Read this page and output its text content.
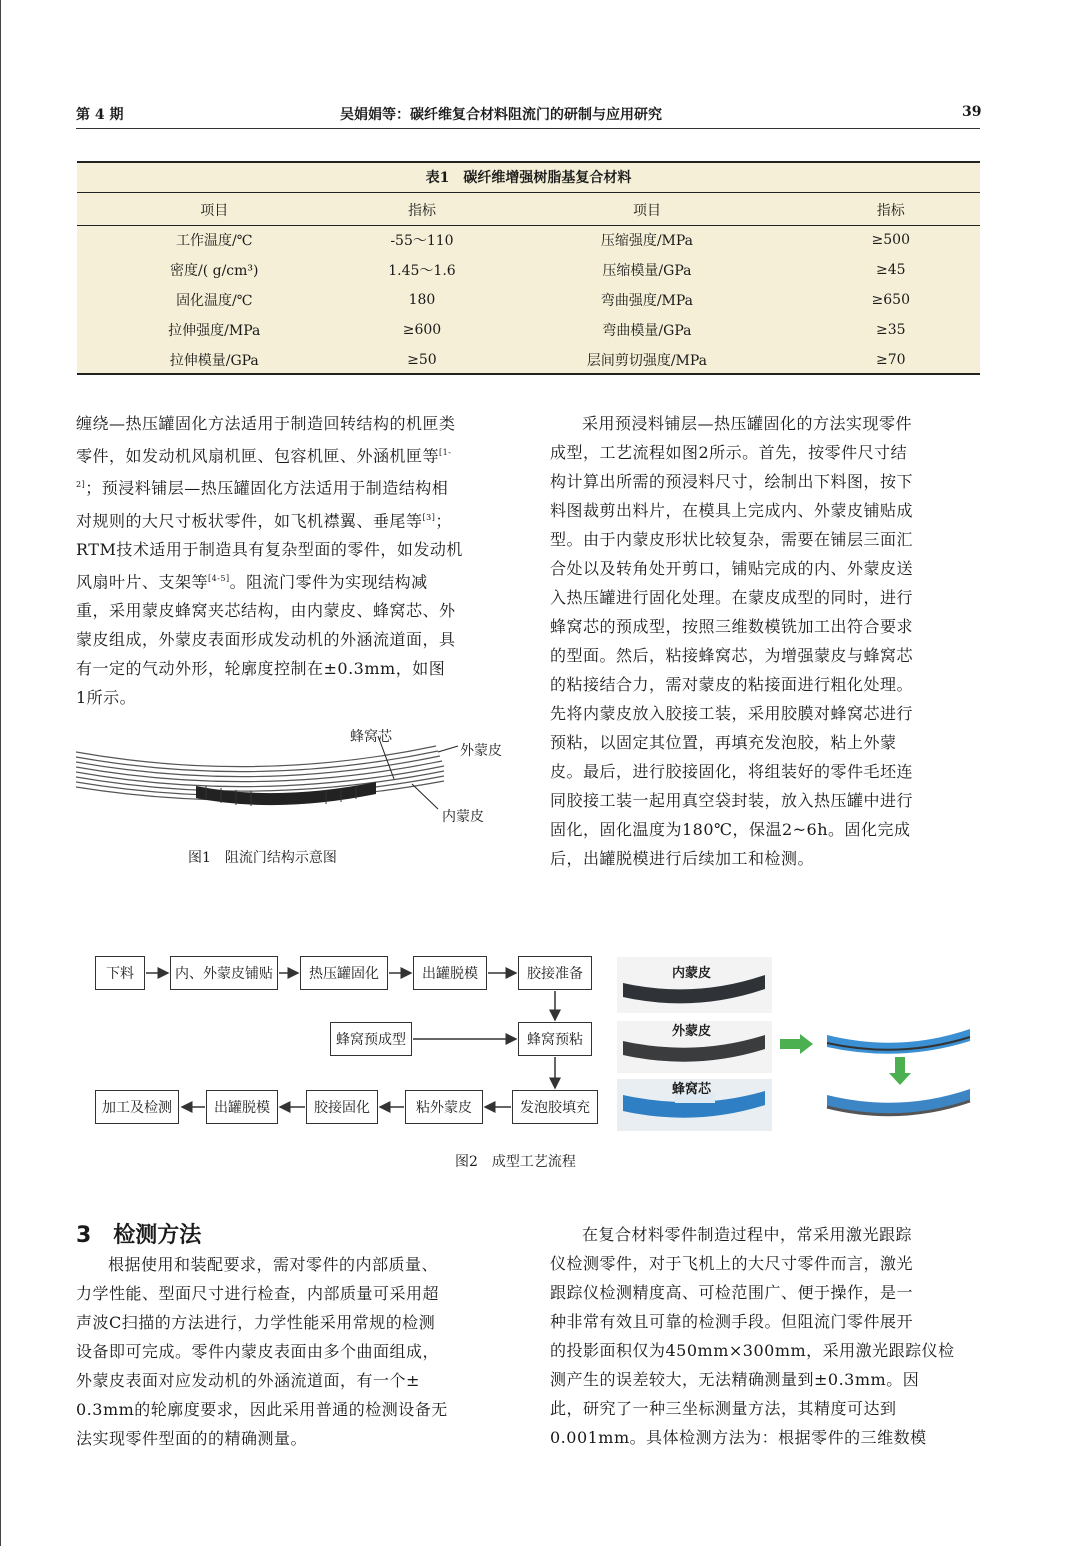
第 4 期	吴娟娟等：碳纤维复合材料阻流门的研制与应用研究	39
表1　碳纤维增强树脂基复合材料
项目	指标	项目	指标
工作温度/℃	-55～110	压缩强度/MPa	≥500
密度/( g/cm³)	1.45～1.6	压缩模量/GPa	≥45
固化温度/℃	180	弯曲强度/MPa	≥650
拉伸强度/MPa	≥600	弯曲模量/GPa	≥35
拉伸模量/GPa	≥50	层间剪切强度/MPa	≥70
缠绕—热压罐固化方法适用于制造回转结构的机匣类
零件，如发动机风扇机匣、包容机匣、外涵机匣等$^{[1-}$
$^{2]}$；预浸料铺层—热压罐固化方法适用于制造结构相
对规则的大尺寸板状零件，如飞机襟翼、垂尾等[3]；
RTM技术适用于制造具有复杂型面的零件，如发动机
风扇叶片、支架等[4-5]。阻流门零件为实现结构减
重，采用蒙皮蜂窝夹芯结构，由内蒙皮、蜂窝芯、外
蒙皮组成，外蒙皮表面形成发动机的外涵流道面，具
有一定的气动外形，轮廓度控制在±0.3mm，如图
1所示。
蜂窝芯
外蒙皮
内蒙皮
图1　阻流门结构示意图
采用预浸料铺层—热压罐固化的方法实现零件
成型，工艺流程如图2所示。首先，按零件尺寸结
构计算出所需的预浸料尺寸，绘制出下料图，按下
料图裁剪出料片，在模具上完成内、外蒙皮铺贴成
型。由于内蒙皮形状比较复杂，需要在铺层三面汇
合处以及转角处开剪口，铺贴完成的内、外蒙皮送
入热压罐进行固化处理。在蒙皮成型的同时，进行
蜂窝芯的预成型，按照三维数模铣加工出符合要求
的型面。然后，粘接蜂窝芯，为增强蒙皮与蜂窝芯
的粘接结合力，需对蒙皮的粘接面进行粗化处理。
先将内蒙皮放入胶接工装，采用胶膜对蜂窝芯进行
预粘，以固定其位置，再填充发泡胶，粘上外蒙
皮。最后，进行胶接固化，将组装好的零件毛坯连
同胶接工装一起用真空袋封装，放入热压罐中进行
固化，固化温度为180℃，保温2~6h。固化完成
后，出罐脱模进行后续加工和检测。
下料	内、外蒙皮铺贴	热压罐固化	出罐脱模	胶接准备
蜂窝预成型	蜂窝预粘
加工及检测	出罐脱模	胶接固化	粘外蒙皮	发泡胶填充
内蒙皮
外蒙皮
蜂窝芯
图2　成型工艺流程
3　检测方法
根据使用和装配要求，需对零件的内部质量、
力学性能、型面尺寸进行检查，内部质量可采用超
声波C扫描的方法进行，力学性能采用常规的检测
设备即可完成。零件内蒙皮表面由多个曲面组成，
外蒙皮表面对应发动机的外涵流道面，有一个±
0.3mm的轮廓度要求，因此采用普通的检测设备无
法实现零件型面的的精确测量。
在复合材料零件制造过程中，常采用激光跟踪
仪检测零件，对于飞机上的大尺寸零件而言，激光
跟踪仪检测精度高、可检范围广、便于操作，是一
种非常有效且可靠的检测手段。但阻流门零件展开
的投影面积仅为450mm×300mm，采用激光跟踪仪检
测产生的误差较大，无法精确测量到±0.3mm。因
此，研究了一种三坐标测量方法，其精度可达到
0.001mm。具体检测方法为：根据零件的三维数模
